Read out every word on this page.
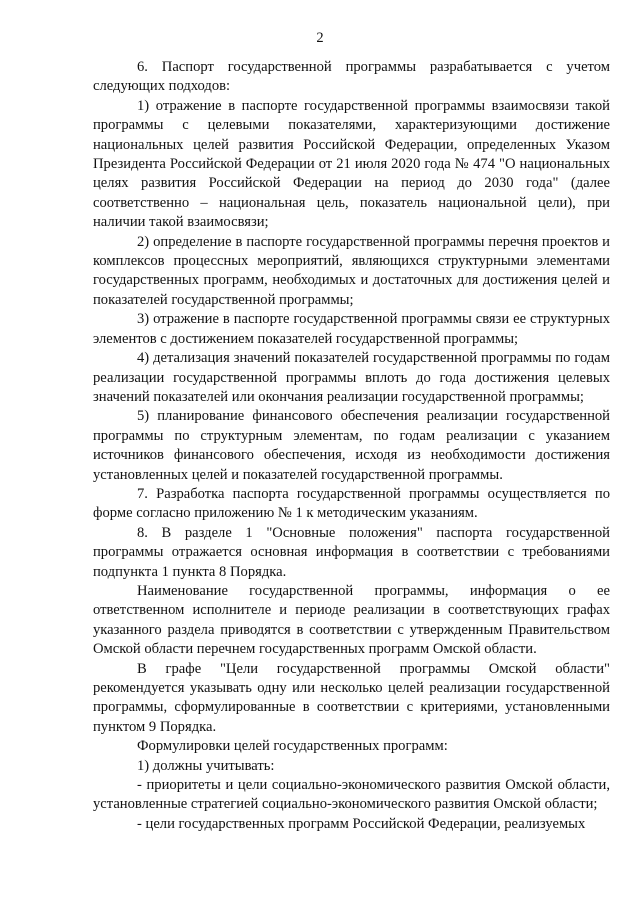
2

6. Паспорт государственной программы разрабатывается с учетом следующих подходов:

1) отражение в паспорте государственной программы взаимосвязи такой программы с целевыми показателями, характеризующими достижение национальных целей развития Российской Федерации, определенных Указом Президента Российской Федерации от 21 июля 2020 года № 474 "О национальных целях развития Российской Федерации на период до 2030 года" (далее соответственно – национальная цель, показатель национальной цели), при наличии такой взаимосвязи;

2) определение в паспорте государственной программы перечня проектов и комплексов процессных мероприятий, являющихся структурными элементами государственных программ, необходимых и достаточных для достижения целей и показателей государственной программы;

3) отражение в паспорте государственной программы связи ее структурных элементов с достижением показателей государственной программы;

4) детализация значений показателей государственной программы по годам реализации государственной программы вплоть до года достижения целевых значений показателей или окончания реализации государственной программы;

5) планирование финансового обеспечения реализации государственной программы по структурным элементам, по годам реализации с указанием источников финансового обеспечения, исходя из необходимости достижения установленных целей и показателей государственной программы.

7. Разработка паспорта государственной программы осуществляется по форме согласно приложению № 1 к методическим указаниям.

8. В разделе 1 "Основные положения" паспорта государственной программы отражается основная информация в соответствии с требованиями подпункта 1 пункта 8 Порядка.

Наименование государственной программы, информация о ее ответственном исполнителе и периоде реализации в соответствующих графах указанного раздела приводятся в соответствии с утвержденным Правительством Омской области перечнем государственных программ Омской области.

В графе "Цели государственной программы Омской области" рекомендуется указывать одну или несколько целей реализации государственной программы, сформулированные в соответствии с критериями, установленными пунктом 9 Порядка.

Формулировки целей государственных программ:

1) должны учитывать:

- приоритеты и цели социально-экономического развития Омской области, установленные стратегией социально-экономического развития Омской области;

- цели государственных программ Российской Федерации, реализуемых
